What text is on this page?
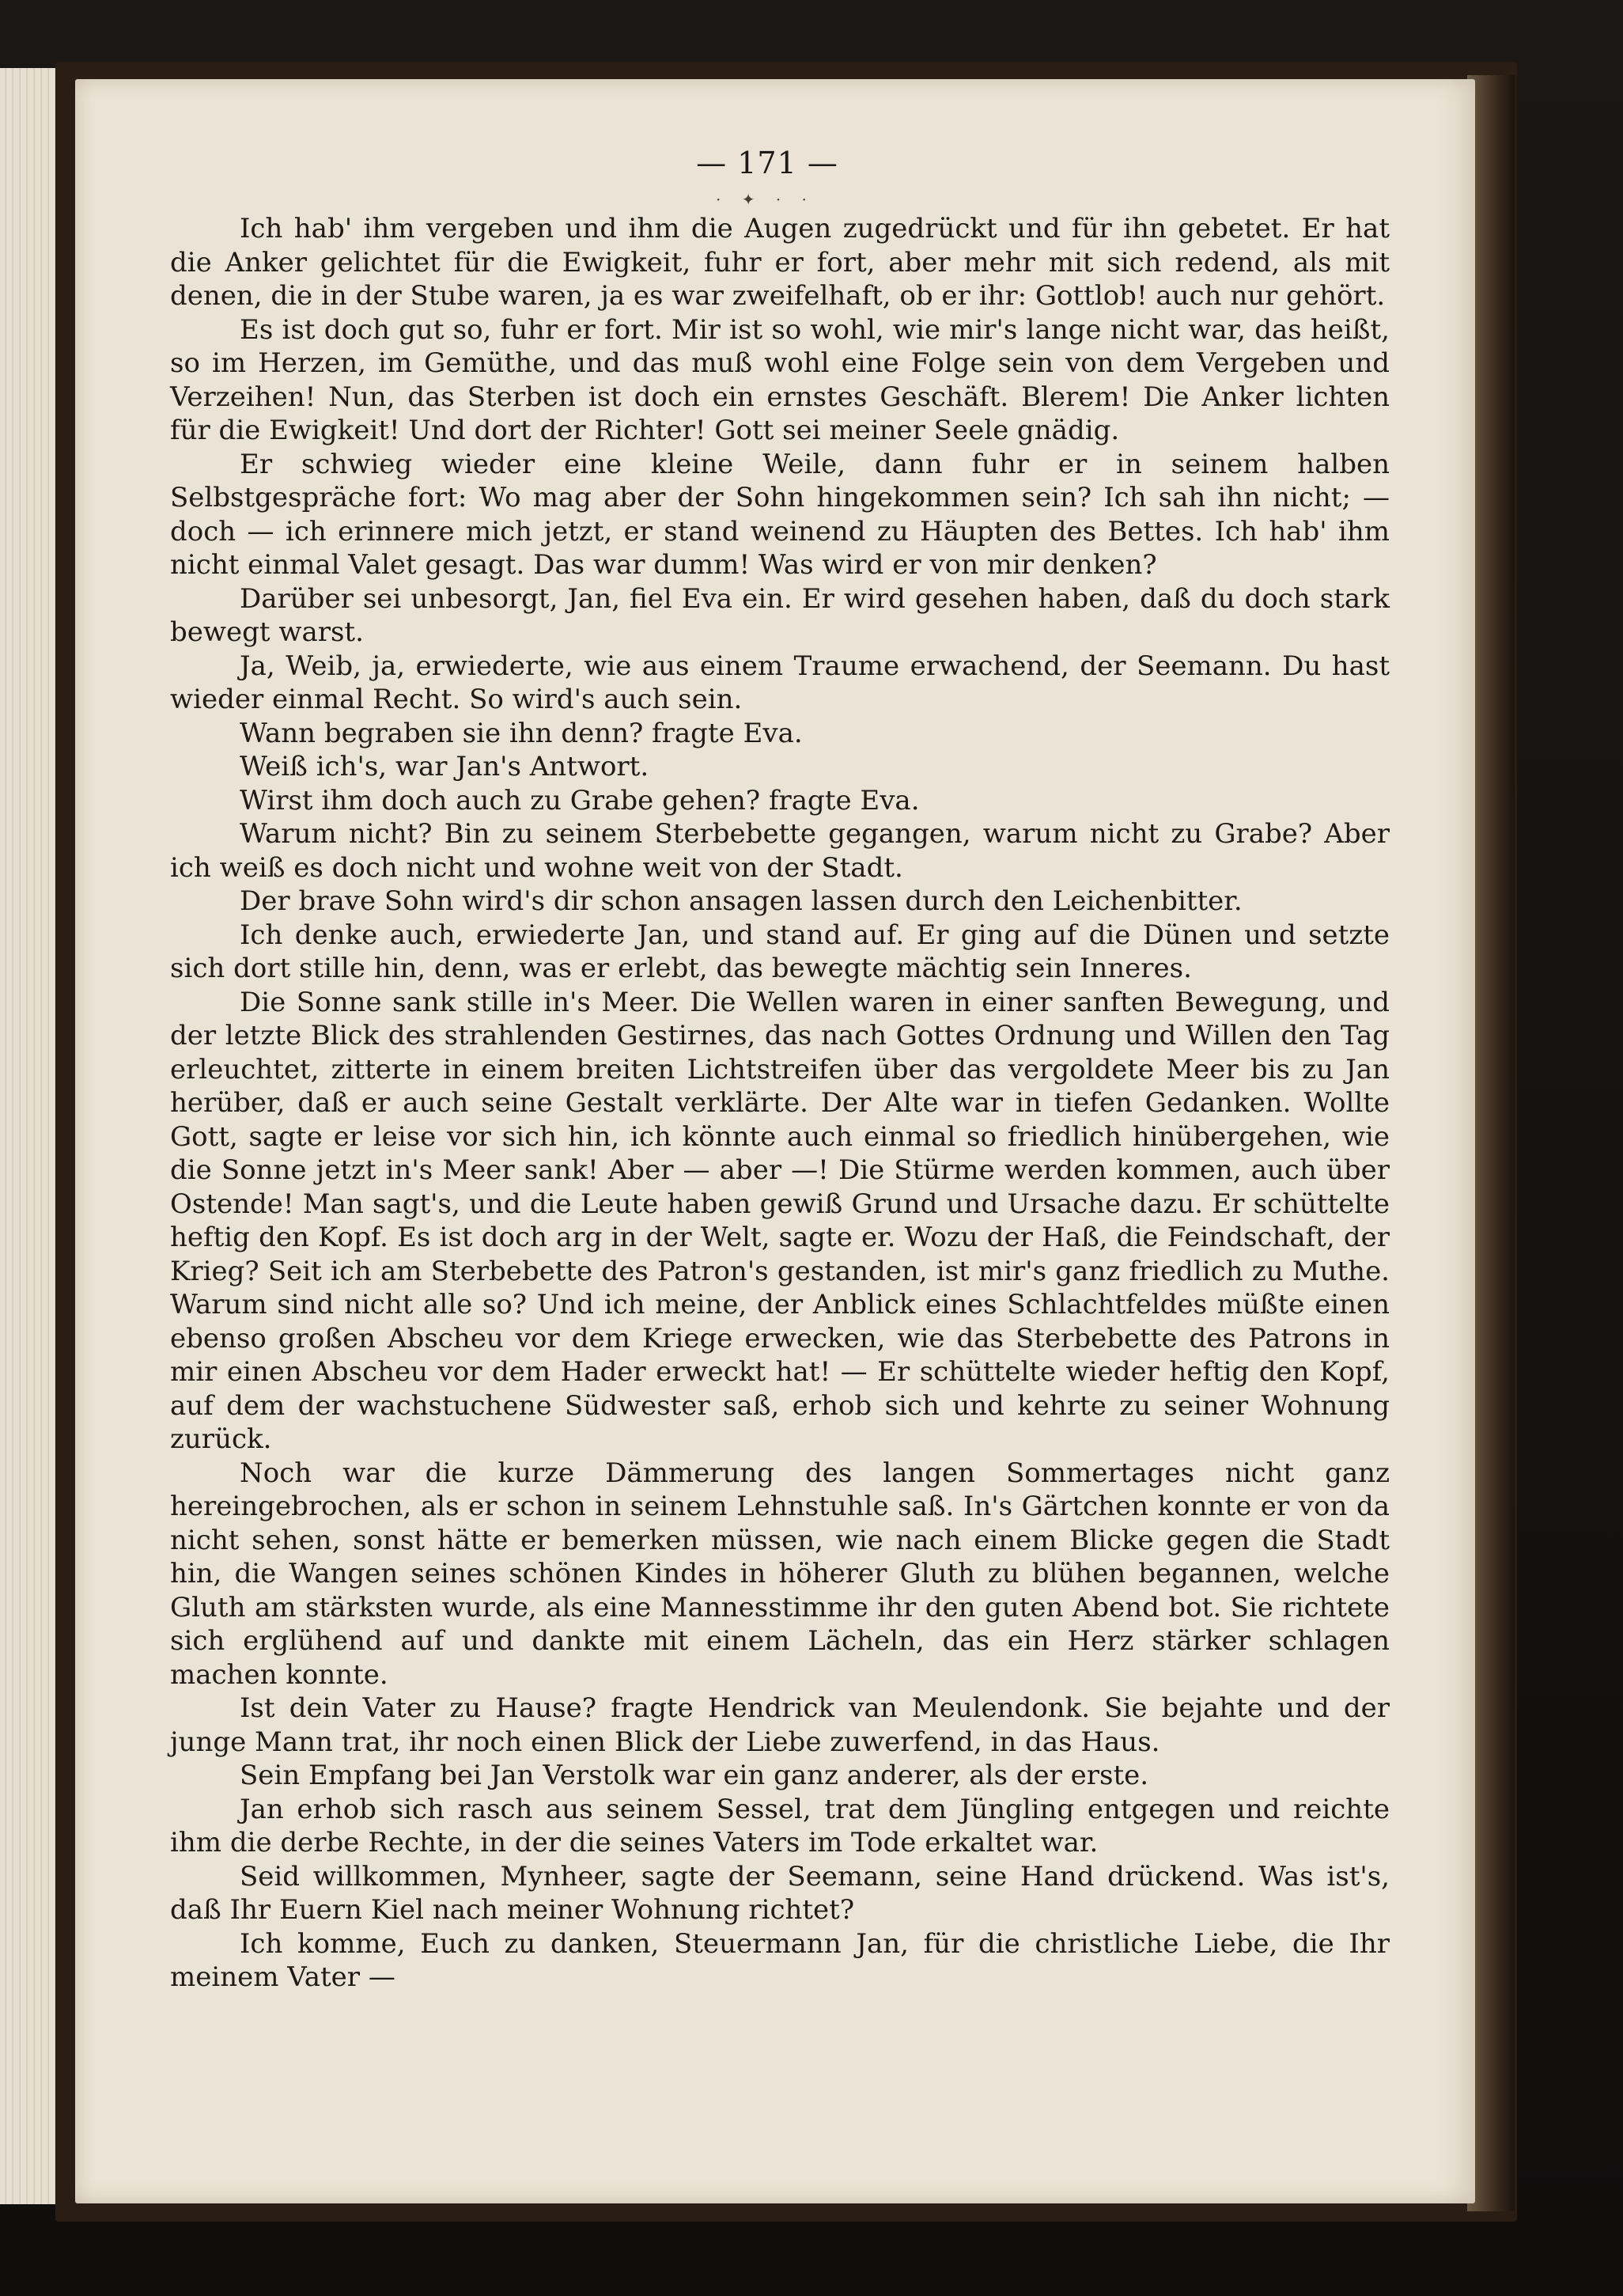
— 171 —
· ✦ · ·

Ich hab' ihm vergeben und ihm die Augen zugedrückt und für ihn gebetet. Er hat die Anker gelichtet für die Ewigkeit, fuhr er fort, aber mehr mit sich redend, als mit denen, die in der Stube waren, ja es war zweifelhaft, ob er ihr: Gottlob! auch nur gehört.

Es ist doch gut so, fuhr er fort. Mir ist so wohl, wie mir's lange nicht war, das heißt, so im Herzen, im Gemüthe, und das muß wohl eine Folge sein von dem Vergeben und Verzeihen! Nun, das Sterben ist doch ein ernstes Geschäft. Blerem! Die Anker lichten für die Ewigkeit! Und dort der Richter! Gott sei meiner Seele gnädig.

Er schwieg wieder eine kleine Weile, dann fuhr er in seinem halben Selbstgespräche fort: Wo mag aber der Sohn hingekommen sein? Ich sah ihn nicht; — doch — ich erinnere mich jetzt, er stand weinend zu Häupten des Bettes. Ich hab' ihm nicht einmal Valet gesagt. Das war dumm! Was wird er von mir denken?

Darüber sei unbesorgt, Jan, fiel Eva ein. Er wird gesehen haben, daß du doch stark bewegt warst.

Ja, Weib, ja, erwiederte, wie aus einem Traume erwachend, der Seemann. Du hast wieder einmal Recht. So wird's auch sein.

Wann begraben sie ihn denn? fragte Eva.

Weiß ich's, war Jan's Antwort.

Wirst ihm doch auch zu Grabe gehen? fragte Eva.

Warum nicht? Bin zu seinem Sterbebette gegangen, warum nicht zu Grabe? Aber ich weiß es doch nicht und wohne weit von der Stadt.

Der brave Sohn wird's dir schon ansagen lassen durch den Leichenbitter.

Ich denke auch, erwiederte Jan, und stand auf. Er ging auf die Dünen und setzte sich dort stille hin, denn, was er erlebt, das bewegte mächtig sein Inneres.

Die Sonne sank stille in's Meer. Die Wellen waren in einer sanften Bewegung, und der letzte Blick des strahlenden Gestirnes, das nach Gottes Ordnung und Willen den Tag erleuchtet, zitterte in einem breiten Lichtstreifen über das vergoldete Meer bis zu Jan herüber, daß er auch seine Gestalt verklärte. Der Alte war in tiefen Gedanken. Wollte Gott, sagte er leise vor sich hin, ich könnte auch einmal so friedlich hinübergehen, wie die Sonne jetzt in's Meer sank! Aber — aber —! Die Stürme werden kommen, auch über Ostende! Man sagt's, und die Leute haben gewiß Grund und Ursache dazu. Er schüttelte heftig den Kopf. Es ist doch arg in der Welt, sagte er. Wozu der Haß, die Feindschaft, der Krieg? Seit ich am Sterbebette des Patron's gestanden, ist mir's ganz friedlich zu Muthe. Warum sind nicht alle so? Und ich meine, der Anblick eines Schlachtfeldes müßte einen ebenso großen Abscheu vor dem Kriege erwecken, wie das Sterbebette des Patrons in mir einen Abscheu vor dem Hader erweckt hat! — Er schüttelte wieder heftig den Kopf, auf dem der wachstuchene Südwester saß, erhob sich und kehrte zu seiner Wohnung zurück.

Noch war die kurze Dämmerung des langen Sommertages nicht ganz hereingebrochen, als er schon in seinem Lehnstuhle saß. In's Gärtchen konnte er von da nicht sehen, sonst hätte er bemerken müssen, wie nach einem Blicke gegen die Stadt hin, die Wangen seines schönen Kindes in höherer Gluth zu blühen begannen, welche Gluth am stärksten wurde, als eine Mannesstimme ihr den guten Abend bot. Sie richtete sich erglühend auf und dankte mit einem Lächeln, das ein Herz stärker schlagen machen konnte.

Ist dein Vater zu Hause? fragte Hendrick van Meulendonk. Sie bejahte und der junge Mann trat, ihr noch einen Blick der Liebe zuwerfend, in das Haus.

Sein Empfang bei Jan Verstolk war ein ganz anderer, als der erste.

Jan erhob sich rasch aus seinem Sessel, trat dem Jüngling entgegen und reichte ihm die derbe Rechte, in der die seines Vaters im Tode erkaltet war.

Seid willkommen, Mynheer, sagte der Seemann, seine Hand drückend. Was ist's, daß Ihr Euern Kiel nach meiner Wohnung richtet?

Ich komme, Euch zu danken, Steuermann Jan, für die christliche Liebe, die Ihr meinem Vater —
